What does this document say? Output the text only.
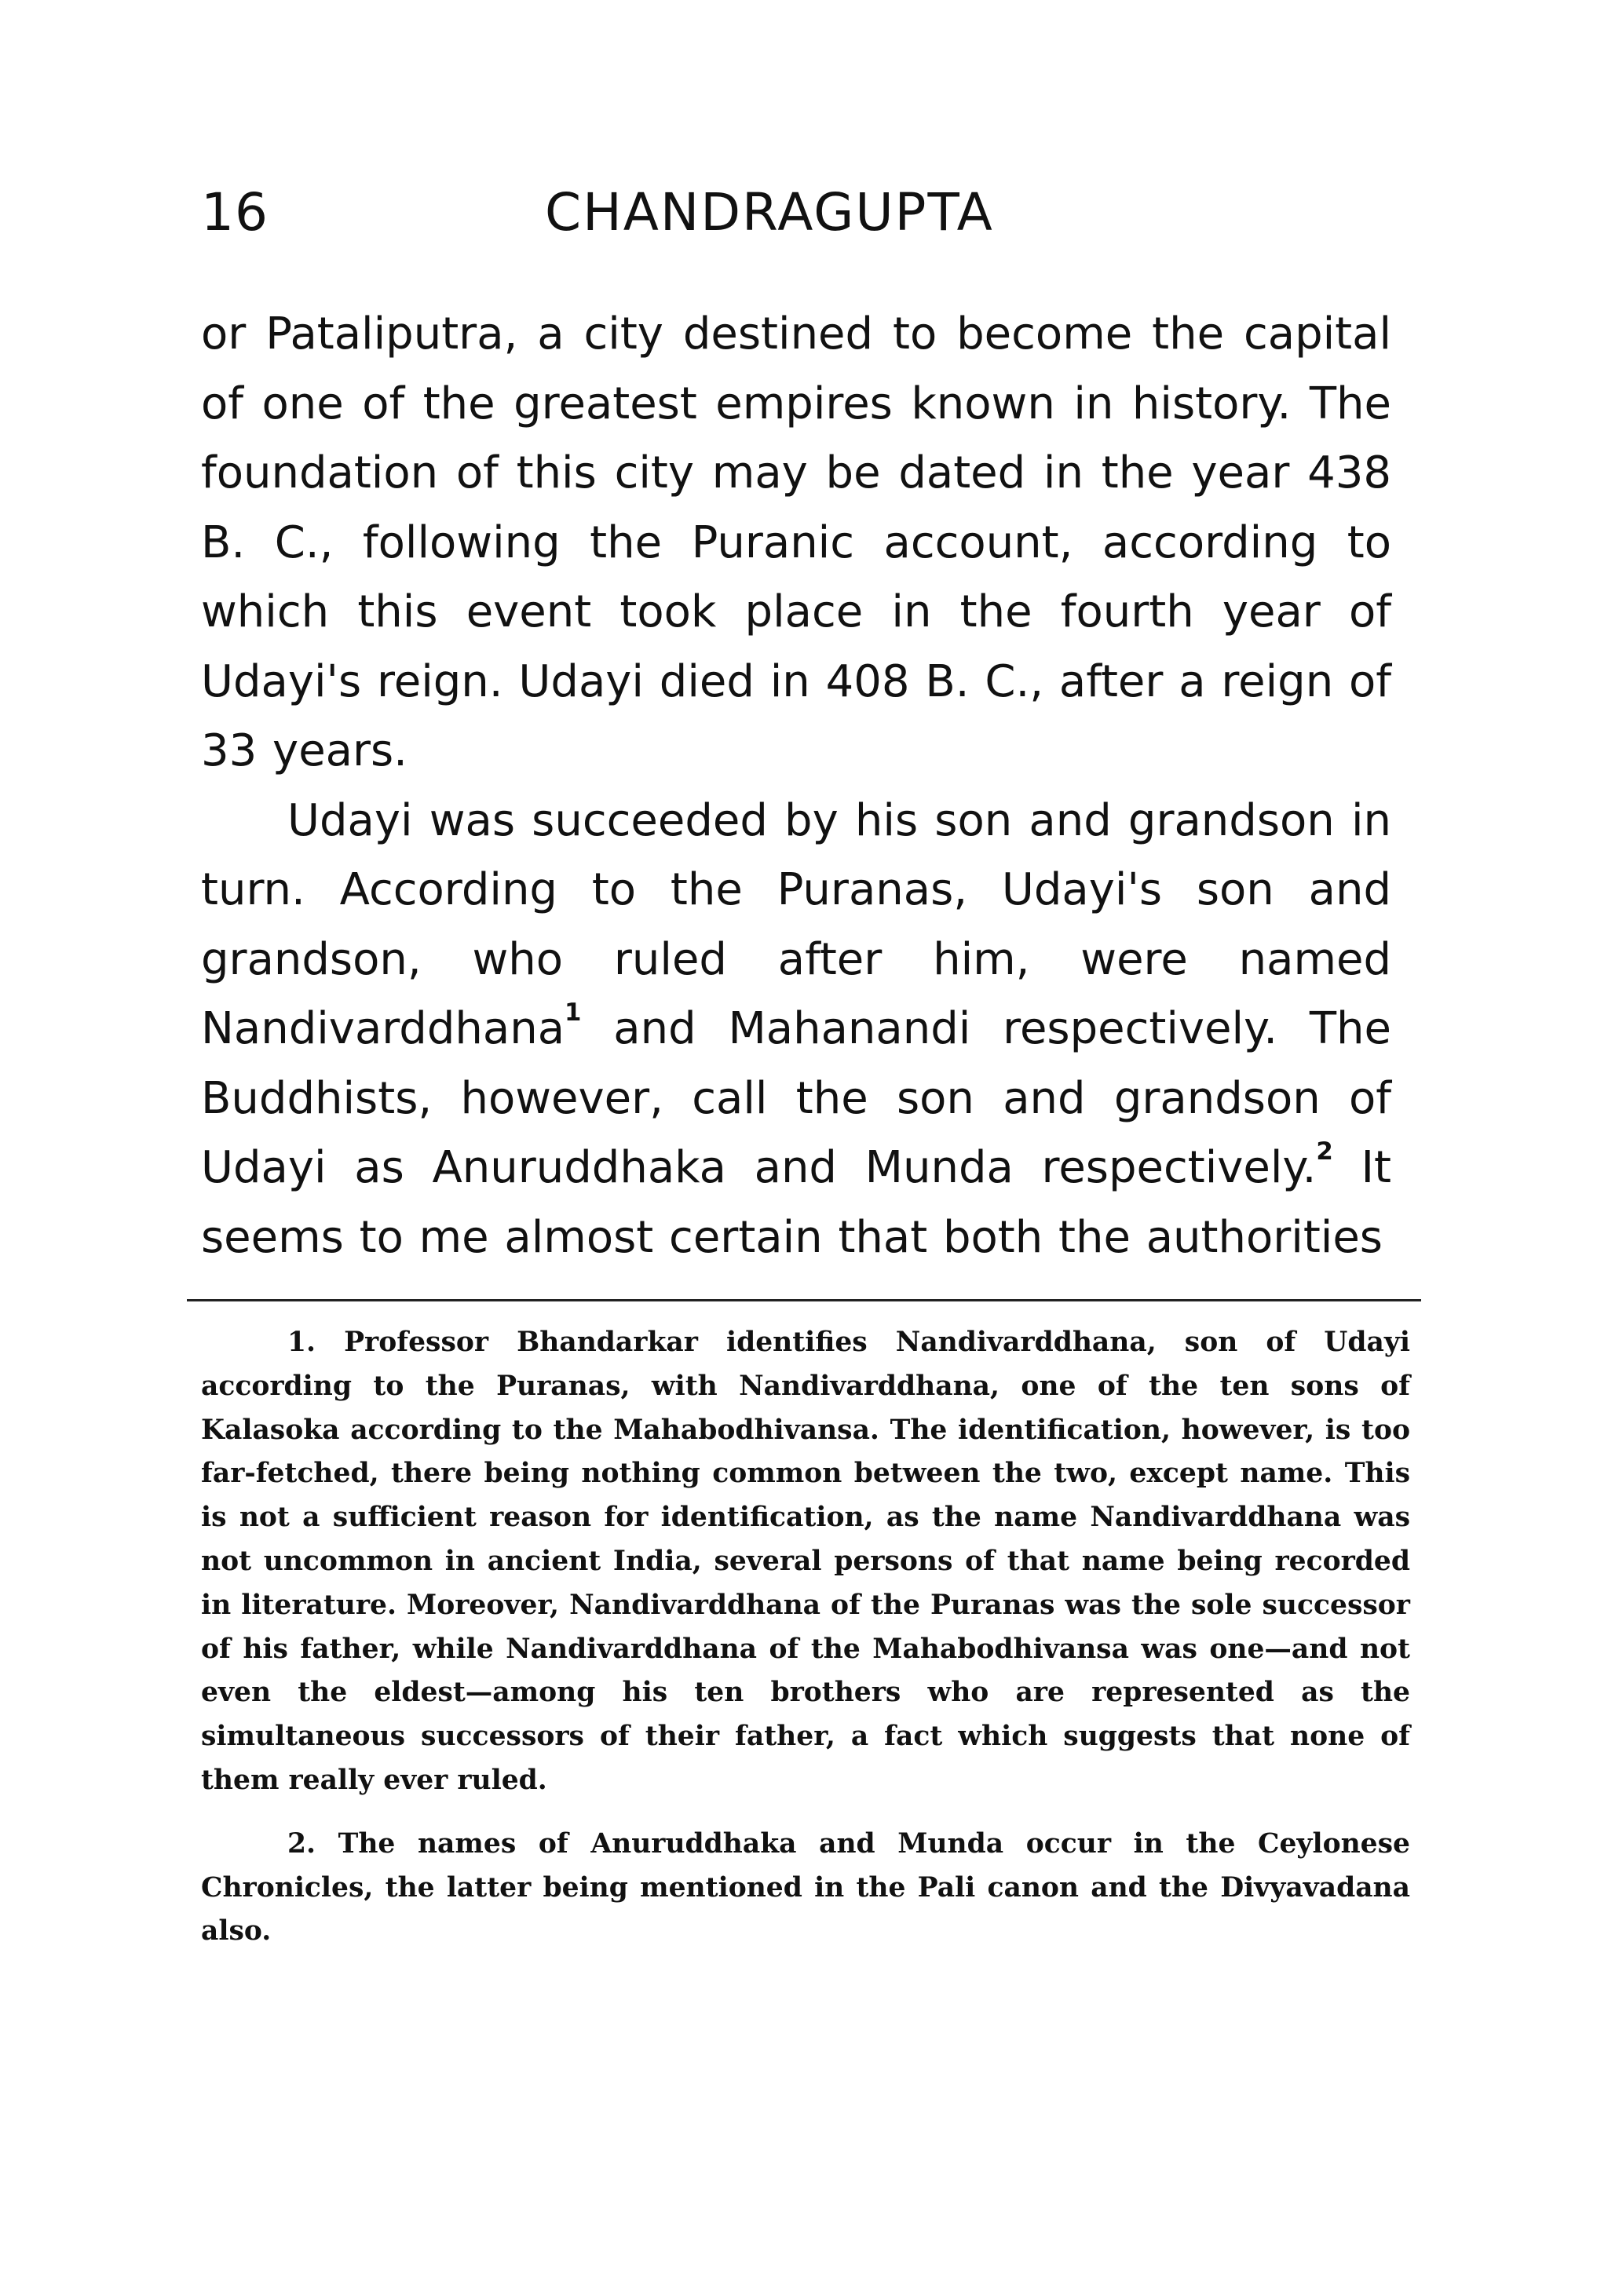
16	CHANDRAGUPTA

or Pataliputra, a city destined to become the capital of one of the greatest empires known in history. The foundation of this city may be dated in the year 438 B. C., following the Puranic account, according to which this event took place in the fourth year of Udayi's reign. Udayi died in 408 B. C., after a reign of 33 years.

Udayi was succeeded by his son and grandson in turn. According to the Puranas, Udayi's son and grandson, who ruled after him, were named Nandivarddhana$^1$ and Mahanandi respectively. The Buddhists, however, call the son and grandson of Udayi as Anuruddhaka and Munda respectively.$^2$ It seems to me almost certain that both the authorities

1. Professor Bhandarkar identifies Nandivarddhana, son of Udayi according to the Puranas, with Nandivarddhana, one of the ten sons of Kalasoka according to the Mahabodhivansa. The identification, however, is too far-fetched, there being nothing common between the two, except name. This is not a sufficient reason for identification, as the name Nandivarddhana was not uncommon in ancient India, several persons of that name being recorded in literature. Moreover, Nandivarddhana of the Puranas was the sole successor of his father, while Nandivarddhana of the Mahabodhivansa was one—and not even the eldest—among his ten brothers who are represented as the simultaneous successors of their father, a fact which suggests that none of them really ever ruled.

2. The names of Anuruddhaka and Munda occur in the Ceylonese Chronicles, the latter being mentioned in the Pali canon and the Divyavadana also.
